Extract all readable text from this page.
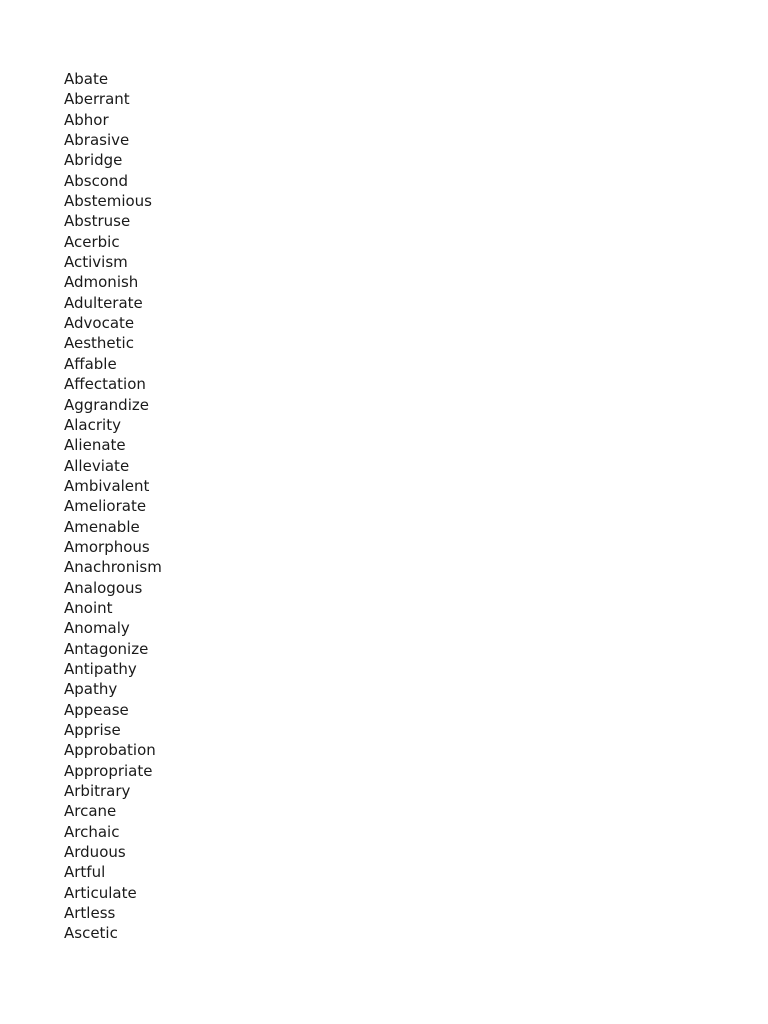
Abate
Aberrant
Abhor
Abrasive
Abridge
Abscond
Abstemious
Abstruse
Acerbic
Activism
Admonish
Adulterate
Advocate
Aesthetic
Affable
Affectation
Aggrandize
Alacrity
Alienate
Alleviate
Ambivalent
Ameliorate
Amenable
Amorphous
Anachronism
Analogous
Anoint
Anomaly
Antagonize
Antipathy
Apathy
Appease
Apprise
Approbation
Appropriate
Arbitrary
Arcane
Archaic
Arduous
Artful
Articulate
Artless
Ascetic
